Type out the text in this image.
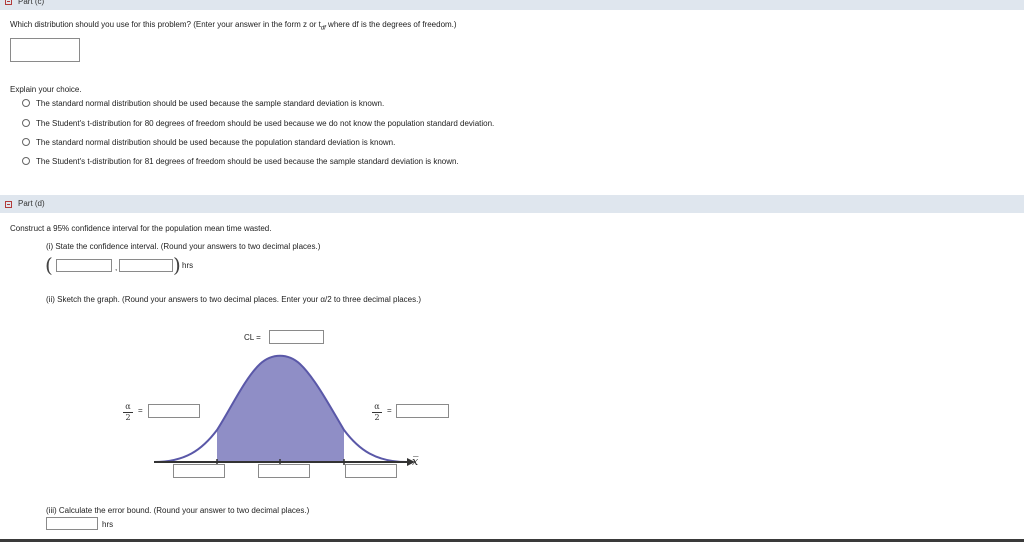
Part (c)
Which distribution should you use for this problem? (Enter your answer in the form z or $t_{df}$ where df is the degrees of freedom.)
Explain your choice.
The standard normal distribution should be used because the sample standard deviation is known.
The Student's t-distribution for 80 degrees of freedom should be used because we do not know the population standard deviation.
The standard normal distribution should be used because the population standard deviation is known.
The Student's t-distribution for 81 degrees of freedom should be used because the sample standard deviation is known.
Part (d)
Construct a 95% confidence interval for the population mean time wasted.
(i) State the confidence interval. (Round your answers to two decimal places.)
(	,	) hrs
(ii) Sketch the graph. (Round your answers to two decimal places. Enter your α/2 to three decimal places.)
CL =
x̅
α
2
=	α
2
=
(iii) Calculate the error bound. (Round your answer to two decimal places.)
hrs
